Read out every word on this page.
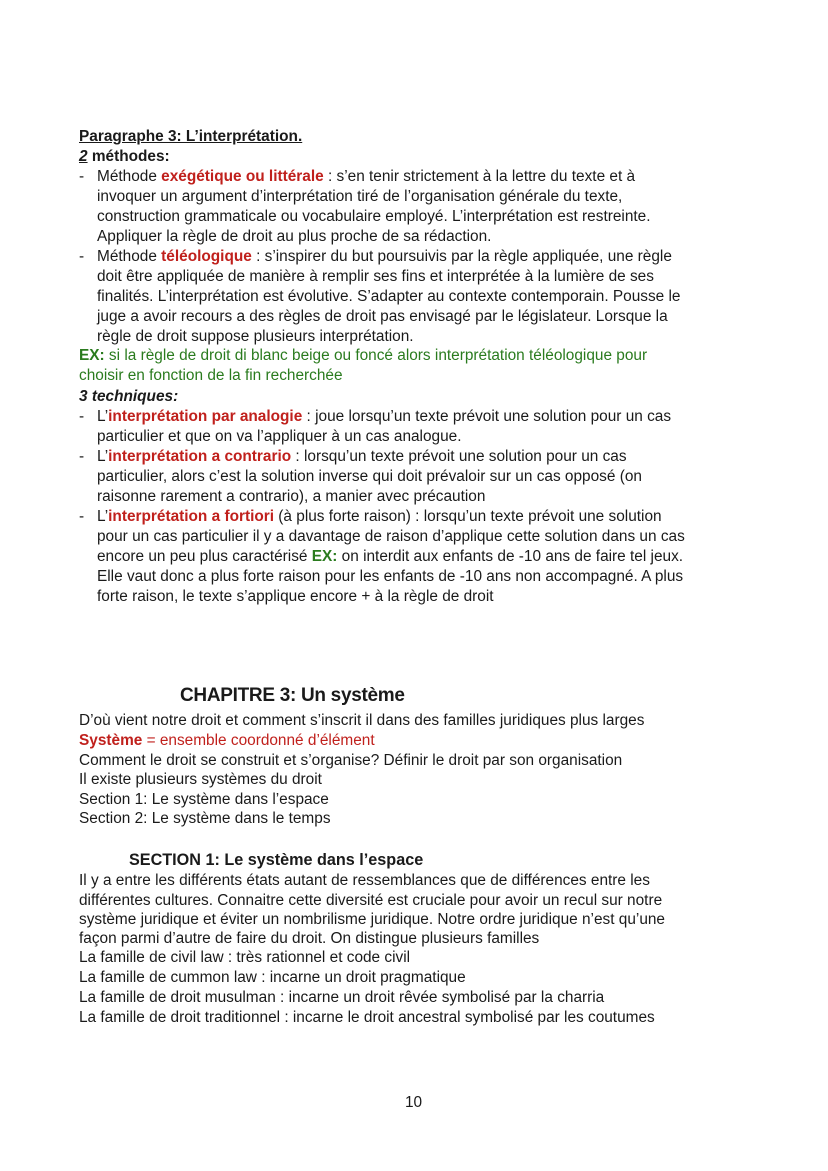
Paragraphe 3: L’interprétation.
2 méthodes:
- Méthode exégétique ou littérale : s’en tenir strictement à la lettre du texte et à
invoquer un argument d’interprétation tiré de l’organisation générale du texte,
construction grammaticale ou vocabulaire employé. L’interprétation est restreinte.
Appliquer la règle de droit au plus proche de sa rédaction.
- Méthode téléologique : s’inspirer du but poursuivis par la règle appliquée, une règle
doit être appliquée de manière à remplir ses fins et interprétée à la lumière de ses
finalités. L’interprétation est évolutive. S’adapter au contexte contemporain. Pousse le
juge a avoir recours a des règles de droit pas envisagé par le législateur. Lorsque la
règle de droit suppose plusieurs interprétation.
EX: si la règle de droit di blanc beige ou foncé alors interprétation téléologique pour
choisir en fonction de la fin recherchée
3 techniques:
- L’interprétation par analogie : joue lorsqu’un texte prévoit une solution pour un cas
particulier et que on va l’appliquer à un cas analogue.
- L’interprétation a contrario : lorsqu’un texte prévoit une solution pour un cas
particulier, alors c’est la solution inverse qui doit prévaloir sur un cas opposé (on
raisonne rarement a contrario), a manier avec précaution
- L’interprétation a fortiori (à plus forte raison) : lorsqu’un texte prévoit une solution
pour un cas particulier il y a davantage de raison d’applique cette solution dans un cas
encore un peu plus caractérisé EX: on interdit aux enfants de -10 ans de faire tel jeux.
Elle vaut donc a plus forte raison pour les enfants de -10 ans non accompagné. A plus
forte raison, le texte s’applique encore + à la règle de droit
CHAPITRE 3: Un système
D’où vient notre droit et comment s’inscrit il dans des familles juridiques plus larges
Système = ensemble coordonné d’élément
Comment le droit se construit et s’organise? Définir le droit par son organisation
Il existe plusieurs systèmes du droit
Section 1: Le système dans l’espace
Section 2: Le système dans le temps
SECTION 1: Le système dans l’espace
Il y a entre les différents états autant de ressemblances que de différences entre les
différentes cultures. Connaitre cette diversité est cruciale pour avoir un recul sur notre
système juridique et éviter un nombrilisme juridique. Notre ordre juridique n’est qu’une
façon parmi d’autre de faire du droit. On distingue plusieurs familles
La famille de civil law : très rationnel et code civil
La famille de cummon law : incarne un droit pragmatique
La famille de droit musulman : incarne un droit rêvée symbolisé par la charria
La famille de droit traditionnel : incarne le droit ancestral symbolisé par les coutumes
10
